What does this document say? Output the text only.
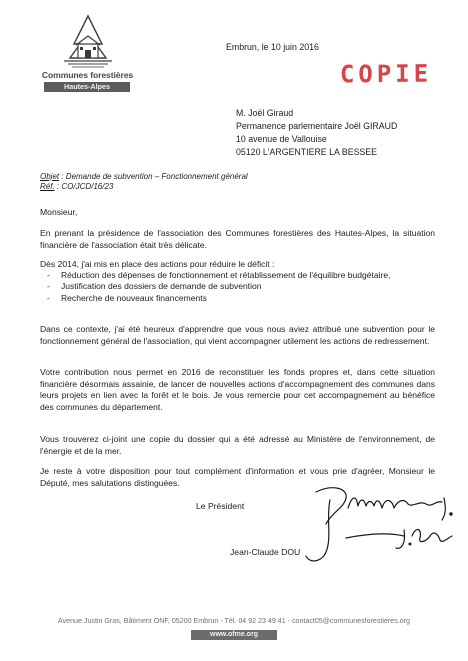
Communes forestières
Hautes-Alpes
Embrun, le 10 juin 2016
COPIE
M. Joël Giraud
Permanence parlementaire Joël GIRAUD
10 avenue de Vallouise
05120 L'ARGENTIERE LA BESSEE
Objet : Demande de subvention – Fonctionnement général
Réf. : CO/JCD/16/23
Monsieur,
En prenant la présidence de l'association des Communes forestières des Hautes-Alpes, la situation financière de l'association était très délicate.
Dès 2014, j'ai mis en place des actions pour réduire le déficit :
- Réduction des dépenses de fonctionnement et rétablissement de l'équilibre budgétaire,
- Justification des dossiers de demande de subvention
- Recherche de nouveaux financements
Dans ce contexte, j'ai été heureux d'apprendre que vous nous aviez attribué une subvention pour le fonctionnement général de l'association, qui vient accompagner utilement les actions de redressement.
Votre contribution nous permet en 2016 de reconstituer les fonds propres et, dans cette situation financière désormais assainie, de lancer de nouvelles actions d'accompagnement des communes dans leurs projets en lien avec la forêt et le bois. Je vous remercie pour cet accompagnement au bénéfice des communes du département.
Vous trouverez ci-joint une copie du dossier qui a été adressé au Ministère de l'environnement, de l'énergie et de la mer.
Je reste à votre disposition pour tout complément d'information et vous prie d'agréer, Monsieur le Député, mes salutations distinguées.
Le Président
Jean-Claude DOU
Avenue Justin Gras, Bâtiment ONF, 05200 Embrun - Tél. 04 92 23 49 41 - contact05@communesforestieres.org
www.ofme.org
